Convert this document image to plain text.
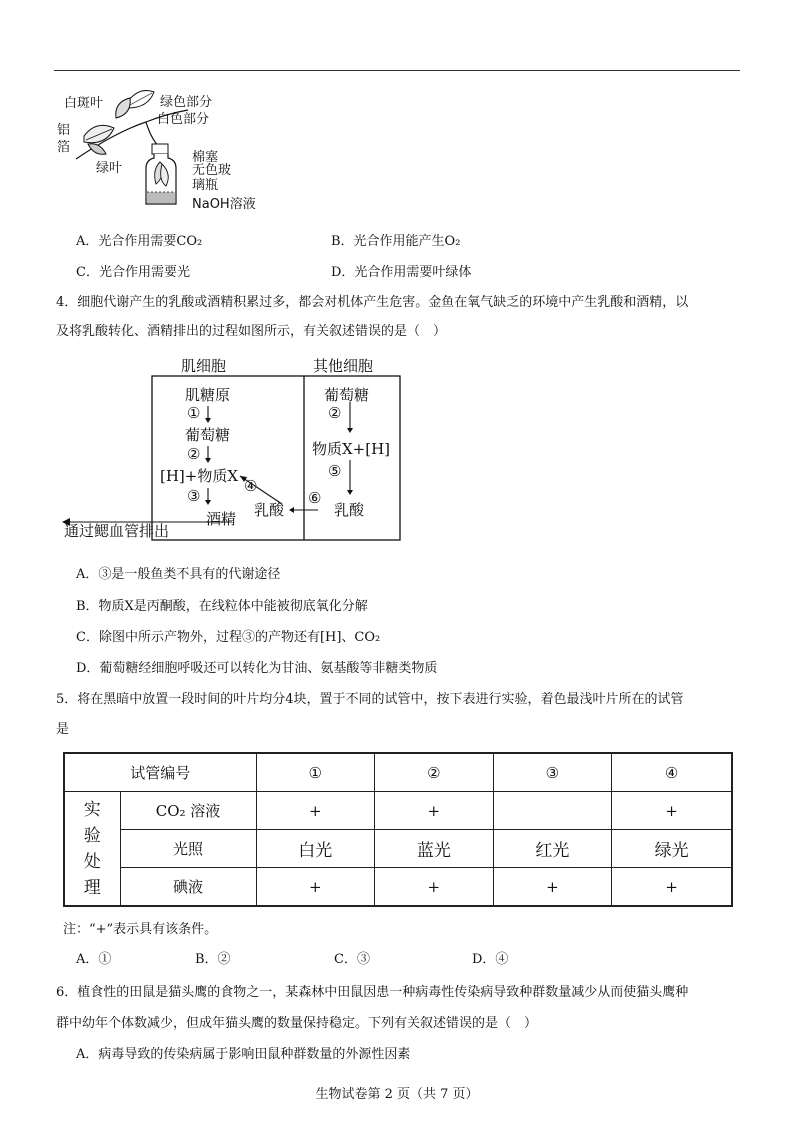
白斑叶	绿色部分
白色部分
铝箔
绿叶
棉塞
无色玻璃瓶
NaOH溶液
A．光合作用需要CO₂	B．光合作用能产生O₂
C．光合作用需要光	D．光合作用需要叶绿体
4．细胞代谢产生的乳酸或酒精积累过多，都会对机体产生危害。金鱼在氧气缺乏的环境中产生乳酸和酒精，以
及将乳酸转化、酒精排出的过程如图所示，有关叙述错误的是（　）
肌细胞	其他细胞
肌糖原
①
葡萄糖
②
[H]+物质X
④
③
酒精 乳酸
通过鳃血管排出
葡萄糖
②
物质X+[H]
⑤
⑥
乳酸
A．③是一般鱼类不具有的代谢途径
B．物质X是丙酮酸，在线粒体中能被彻底氧化分解
C．除图中所示产物外，过程③的产物还有[H]、CO₂
D．葡萄糖经细胞呼吸还可以转化为甘油、氨基酸等非糖类物质
5．将在黑暗中放置一段时间的叶片均分4块，置于不同的试管中，按下表进行实验，着色最浅叶片所在的试管
是
试管编号		①	②	③	④
实验处理	CO₂ 溶液	+	+		+
	光照	白光	蓝光	红光	绿光
	碘液	+	+	+	+
注：“+”表示具有该条件。
A．①	B．②	C．③	D．④
6．植食性的田鼠是猫头鹰的食物之一，某森林中田鼠因患一种病毒性传染病导致种群数量减少从而使猫头鹰种
群中幼年个体数减少，但成年猫头鹰的数量保持稳定。下列有关叙述错误的是（　）
A．病毒导致的传染病属于影响田鼠种群数量的外源性因素
生物试卷第 2 页（共 7 页）
